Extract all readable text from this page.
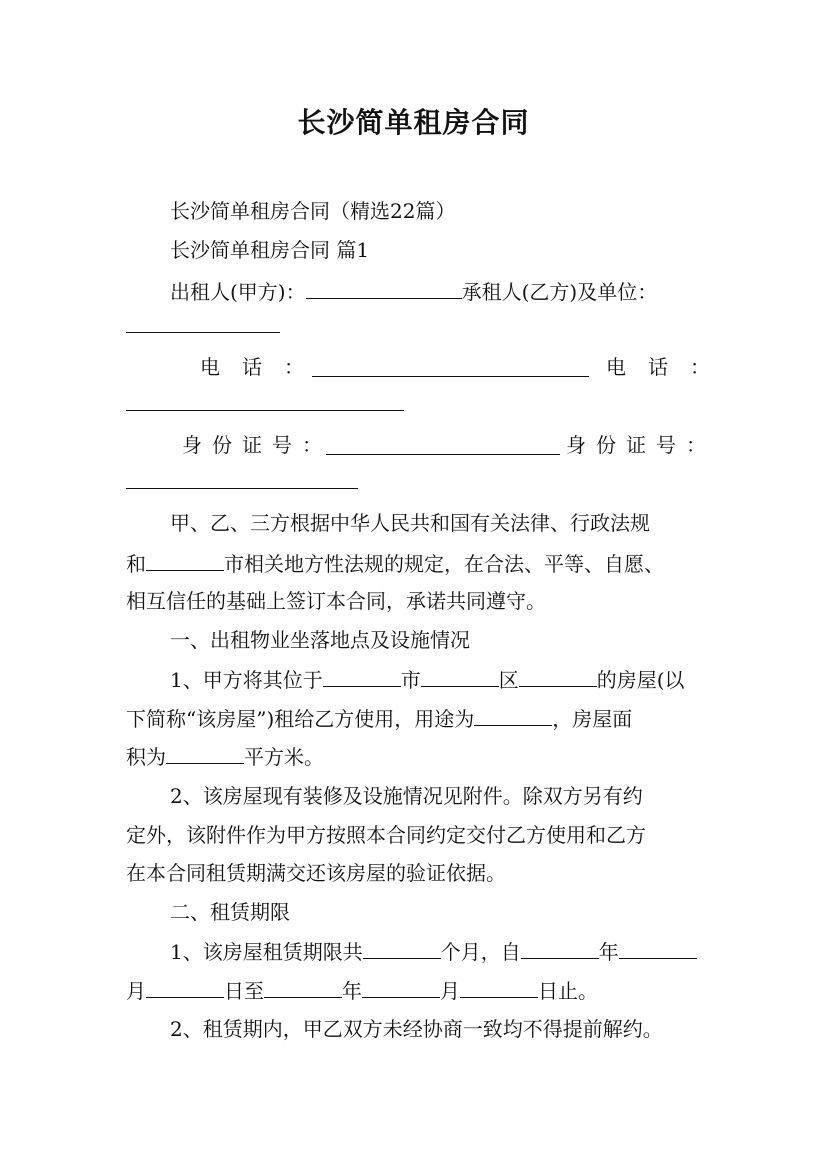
长沙简单租房合同
长沙简单租房合同（精选22篇）
长沙简单租房合同 篇1
出租人(甲方)：	承租人(乙方)及单位：
电 话 ：	电 话 ：
身 份 证 号 ：	身 份 证 号 ：
甲、乙、三方根据中华人民共和国有关法律、行政法规
和	市相关地方性法规的规定，在合法、平等、自愿、
相互信任的基础上签订本合同，承诺共同遵守。
一、出租物业坐落地点及设施情况
1、甲方将其位于	市	区	的房屋(以
下简称“该房屋”)租给乙方使用，用途为	，房屋面
积为	平方米。
2、该房屋现有装修及设施情况见附件。除双方另有约
定外，该附件作为甲方按照本合同约定交付乙方使用和乙方
在本合同租赁期满交还该房屋的验证依据。
二、租赁期限
1、该房屋租赁期限共	个月，自	年
月	日至	年	月	日止。
2、租赁期内，甲乙双方未经协商一致均不得提前解约。
